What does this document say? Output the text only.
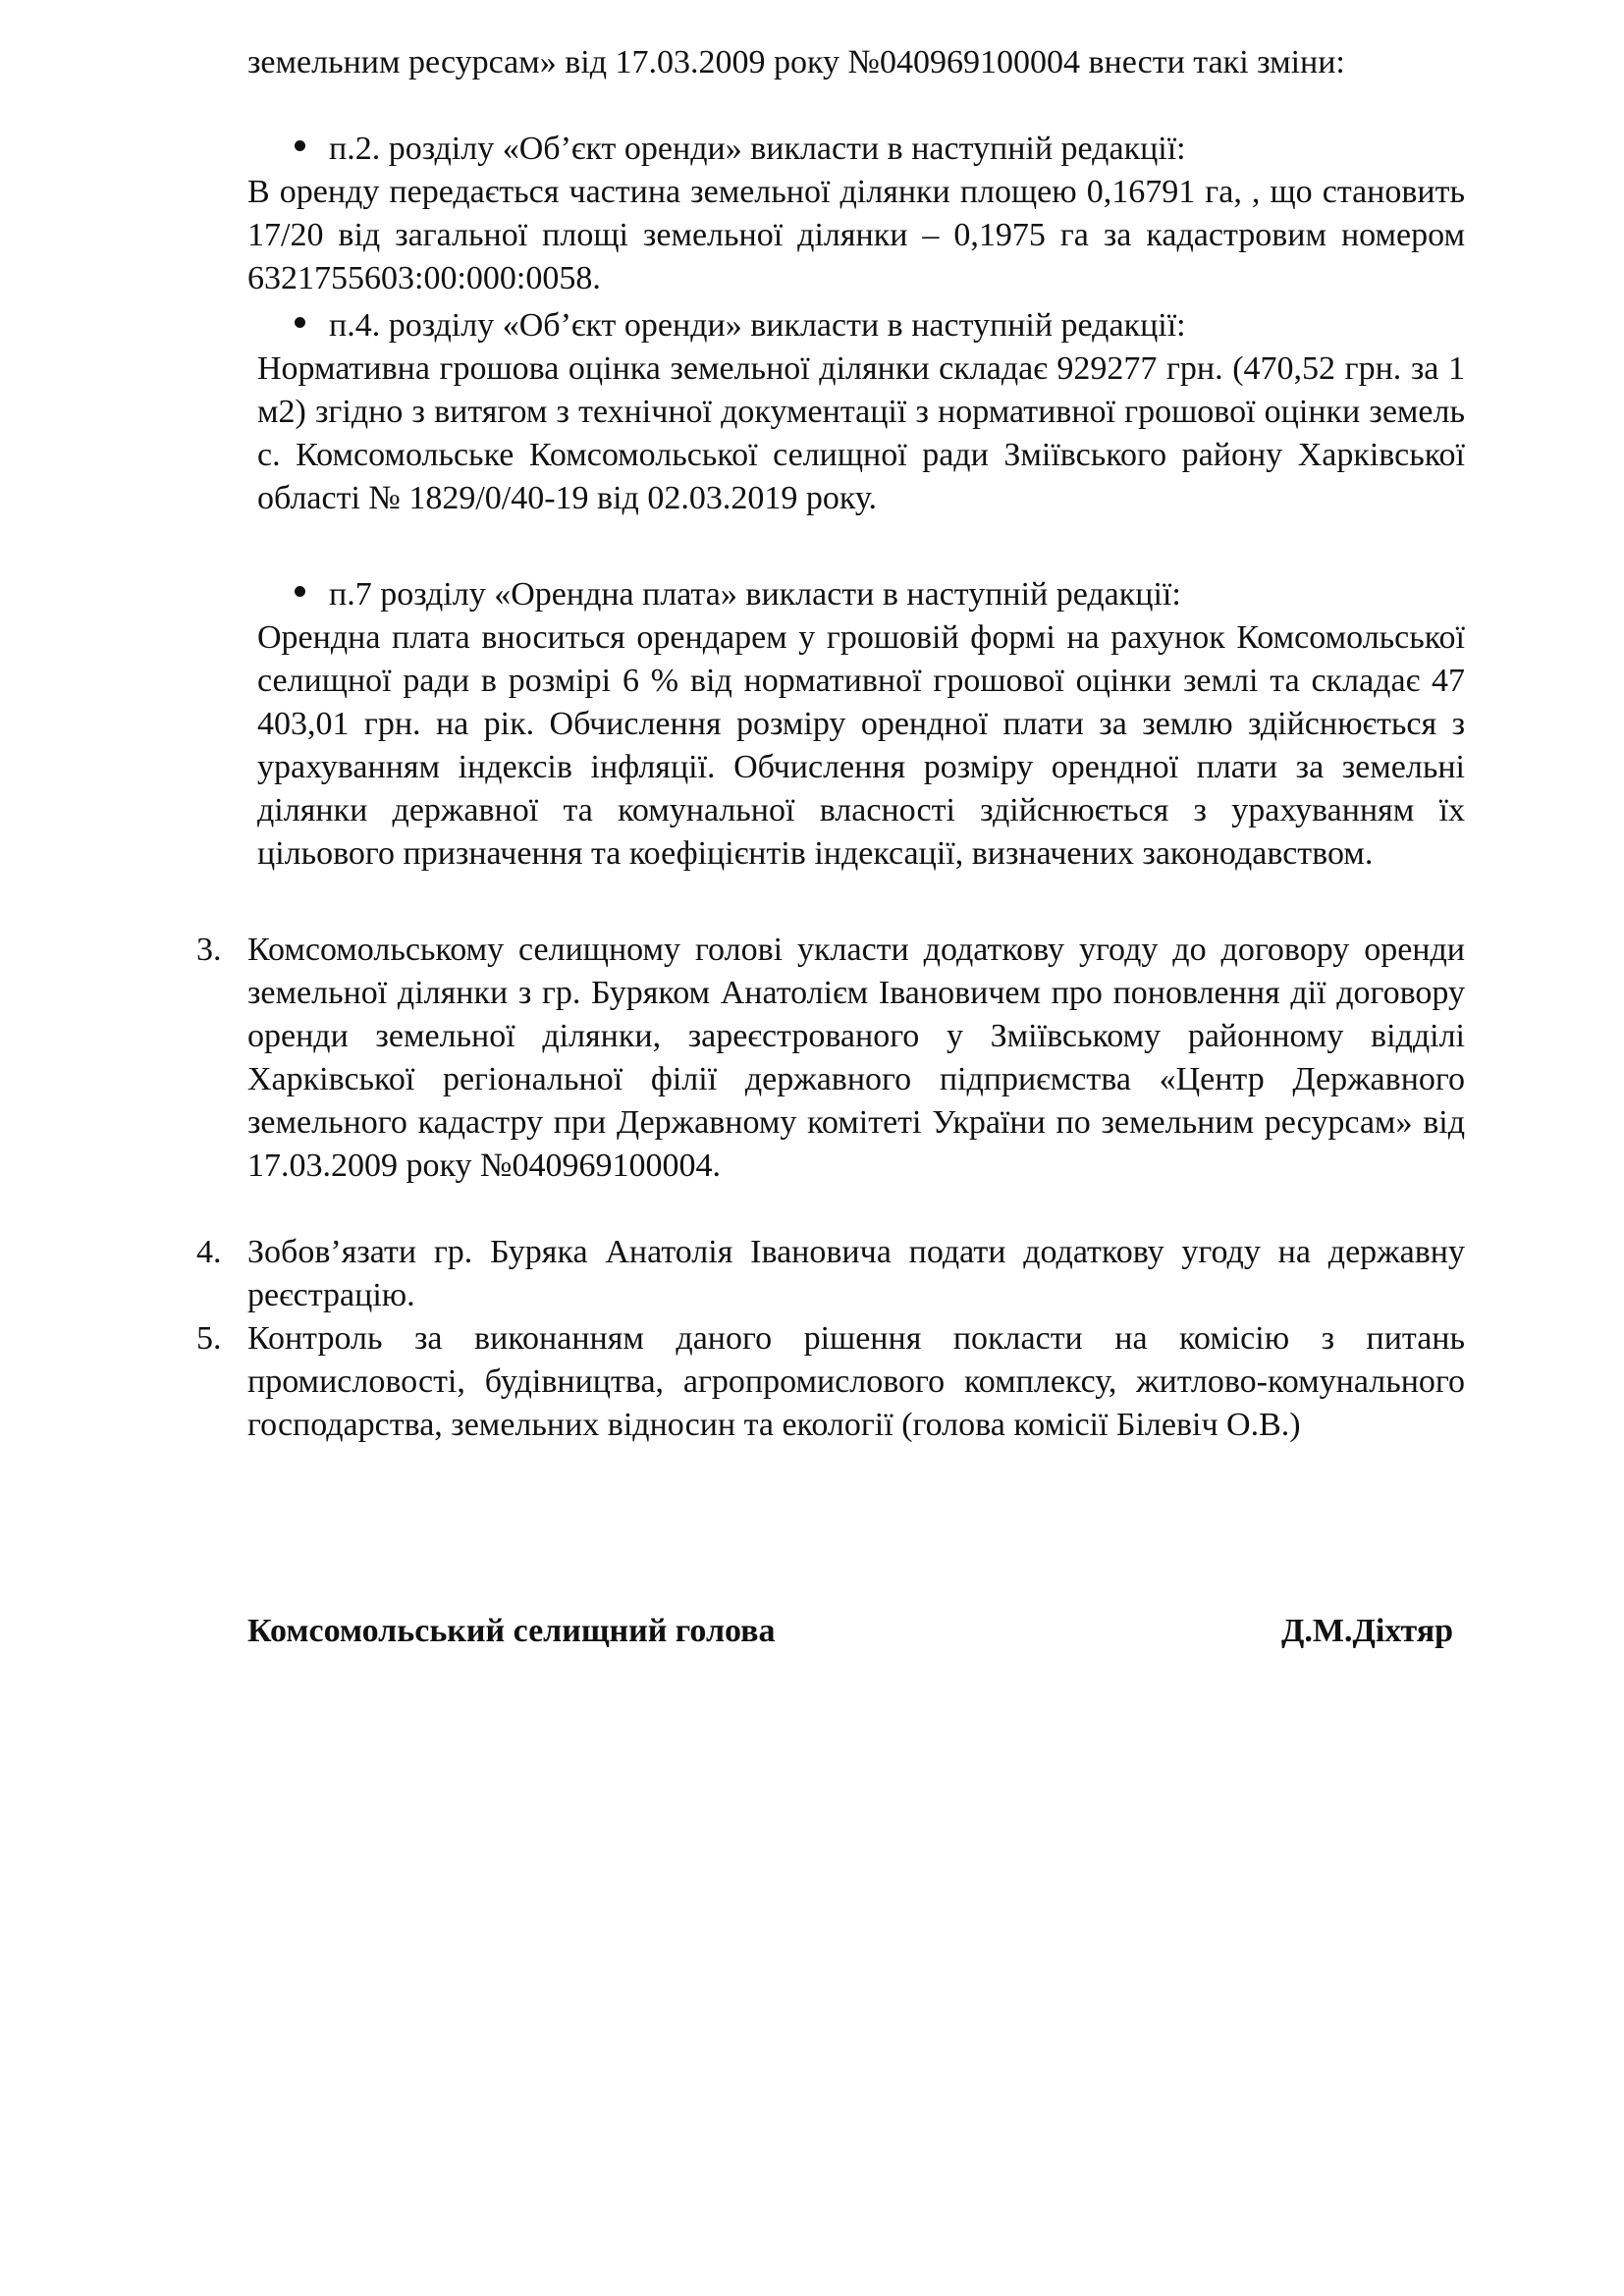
земельним ресурсам» від 17.03.2009 року №040969100004 внести такі зміни:

п.2. розділу «Об’єкт оренди» викласти в наступній редакції:

В оренду передається частина земельної ділянки площею 0,16791 га, , що становить 17/20 від загальної площі земельної ділянки – 0,1975 га за кадастровим номером 6321755603:00:000:0058.

п.4. розділу «Об’єкт оренди» викласти в наступній редакції:

Нормативна грошова оцінка земельної ділянки складає 929277 грн. (470,52 грн. за 1 м2) згідно з витягом з технічної документації з нормативної грошової оцінки земель с. Комсомольське Комсомольської селищної ради Зміївського району Харківської області № 1829/0/40-19 від 02.03.2019 року.

п.7 розділу «Орендна плата» викласти в наступній редакції:

Орендна плата вноситься орендарем у грошовій формі на рахунок Комсомольської селищної ради в розмірі 6 % від нормативної грошової оцінки землі та складає 47 403,01 грн. на рік. Обчислення розміру орендної плати за землю здійснюється з урахуванням індексів інфляції. Обчислення розміру орендної плати за земельні ділянки державної та комунальної власності здійснюється з урахуванням їх цільового призначення та коефіцієнтів індексації, визначених законодавством.

3. Комсомольському селищному голові укласти додаткову угоду до договору оренди земельної ділянки з гр. Буряком Анатолієм Івановичем про поновлення дії договору оренди земельної ділянки, зареєстрованого у Зміївському районному відділі Харківської регіональної філії державного підприємства «Центр Державного земельного кадастру при Державному комітеті України по земельним ресурсам» від 17.03.2009 року №040969100004.

4. Зобов’язати гр. Буряка Анатолія Івановича подати додаткову угоду на державну реєстрацію.

5. Контроль за виконанням даного рішення покласти на комісію з питань промисловості, будівництва, агропромислового комплексу, житлово-комунального господарства, земельних відносин та екології (голова комісії Білевіч О.В.)

Комсомольський селищний голова	Д.М.Діхтяр
